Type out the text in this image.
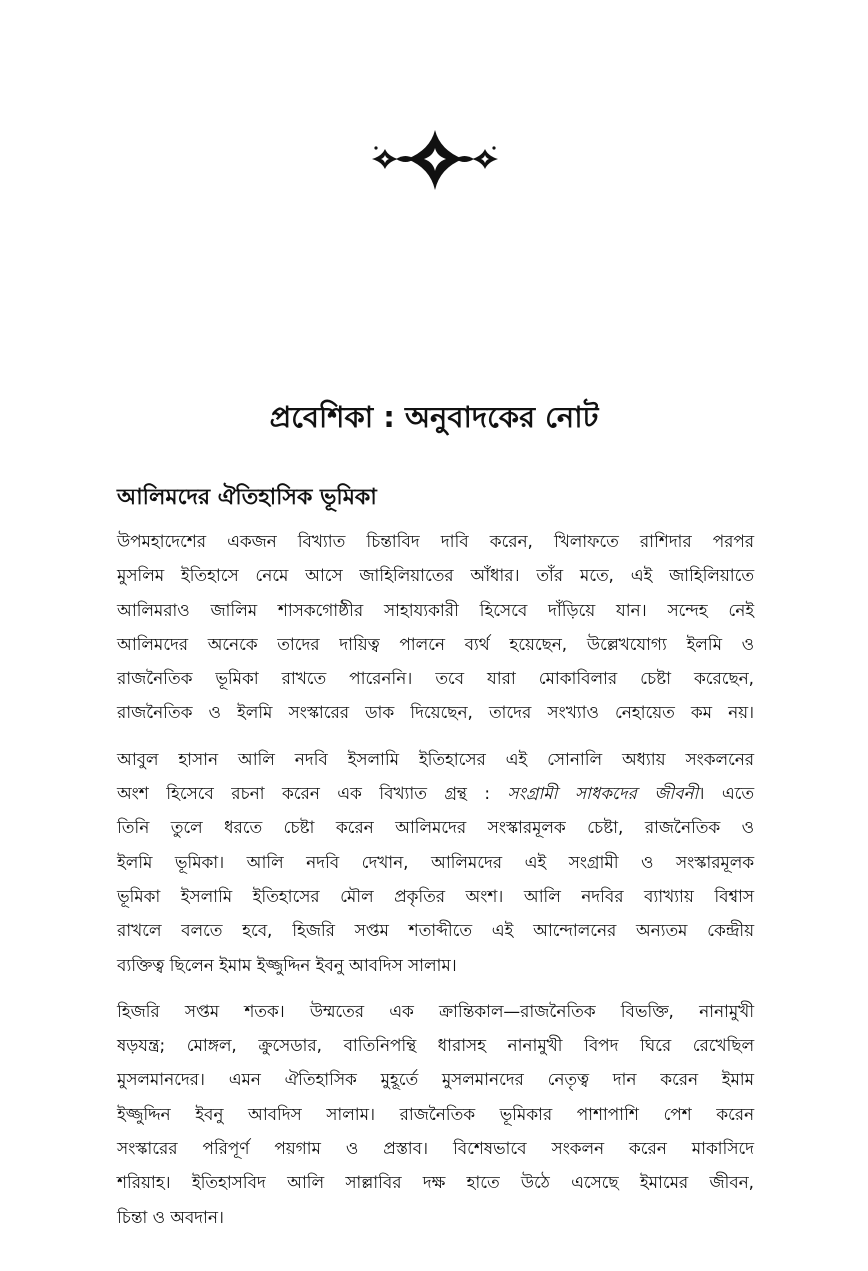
প্রবেশিকা : অনুবাদকের নোট
আলিমদের ঐতিহাসিক ভূমিকা

উপমহাদেশের একজন বিখ্যাত চিন্তাবিদ দাবি করেন, খিলাফতে রাশিদার পরপর
মুসলিম ইতিহাসে নেমে আসে জাহিলিয়াতের আঁধার। তাঁর মতে, এই জাহিলিয়াতে
আলিমরাও জালিম শাসকগোষ্ঠীর সাহায্যকারী হিসেবে দাঁড়িয়ে যান। সন্দেহ নেই
আলিমদের অনেকে তাদের দায়িত্ব পালনে ব্যর্থ হয়েছেন, উল্লেখযোগ্য ইলমি ও
রাজনৈতিক ভূমিকা রাখতে পারেননি। তবে যারা মোকাবিলার চেষ্টা করেছেন,
রাজনৈতিক ও ইলমি সংস্কারের ডাক দিয়েছেন, তাদের সংখ্যাও নেহায়েত কম নয়।

আবুল হাসান আলি নদবি ইসলামি ইতিহাসের এই সোনালি অধ্যায় সংকলনের
অংশ হিসেবে রচনা করেন এক বিখ্যাত গ্রন্থ : সংগ্রামী সাধকদের জীবনী। এতে
তিনি তুলে ধরতে চেষ্টা করেন আলিমদের সংস্কারমূলক চেষ্টা, রাজনৈতিক ও
ইলমি ভূমিকা। আলি নদবি দেখান, আলিমদের এই সংগ্রামী ও সংস্কারমূলক
ভূমিকা ইসলামি ইতিহাসের মৌল প্রকৃতির অংশ। আলি নদবির ব্যাখ্যায় বিশ্বাস
রাখলে বলতে হবে, হিজরি সপ্তম শতাব্দীতে এই আন্দোলনের অন্যতম কেন্দ্রীয়
ব্যক্তিত্ব ছিলেন ইমাম ইজ্জুদ্দিন ইবনু আবদিস সালাম।

হিজরি সপ্তম শতক। উম্মতের এক ক্রান্তিকাল—রাজনৈতিক বিভক্তি, নানামুখী
ষড়যন্ত্র; মোঙ্গল, ক্রুসেডার, বাতিনিপন্থি ধারাসহ নানামুখী বিপদ ঘিরে রেখেছিল
মুসলমানদের। এমন ঐতিহাসিক মুহূর্তে মুসলমানদের নেতৃত্ব দান করেন ইমাম
ইজ্জুদ্দিন ইবনু আবদিস সালাম। রাজনৈতিক ভূমিকার পাশাপাশি পেশ করেন
সংস্কারের পরিপূর্ণ পয়গাম ও প্রস্তাব। বিশেষভাবে সংকলন করেন মাকাসিদে
শরিয়াহ। ইতিহাসবিদ আলি সাল্লাবির দক্ষ হাতে উঠে এসেছে ইমামের জীবন,
চিন্তা ও অবদান।
